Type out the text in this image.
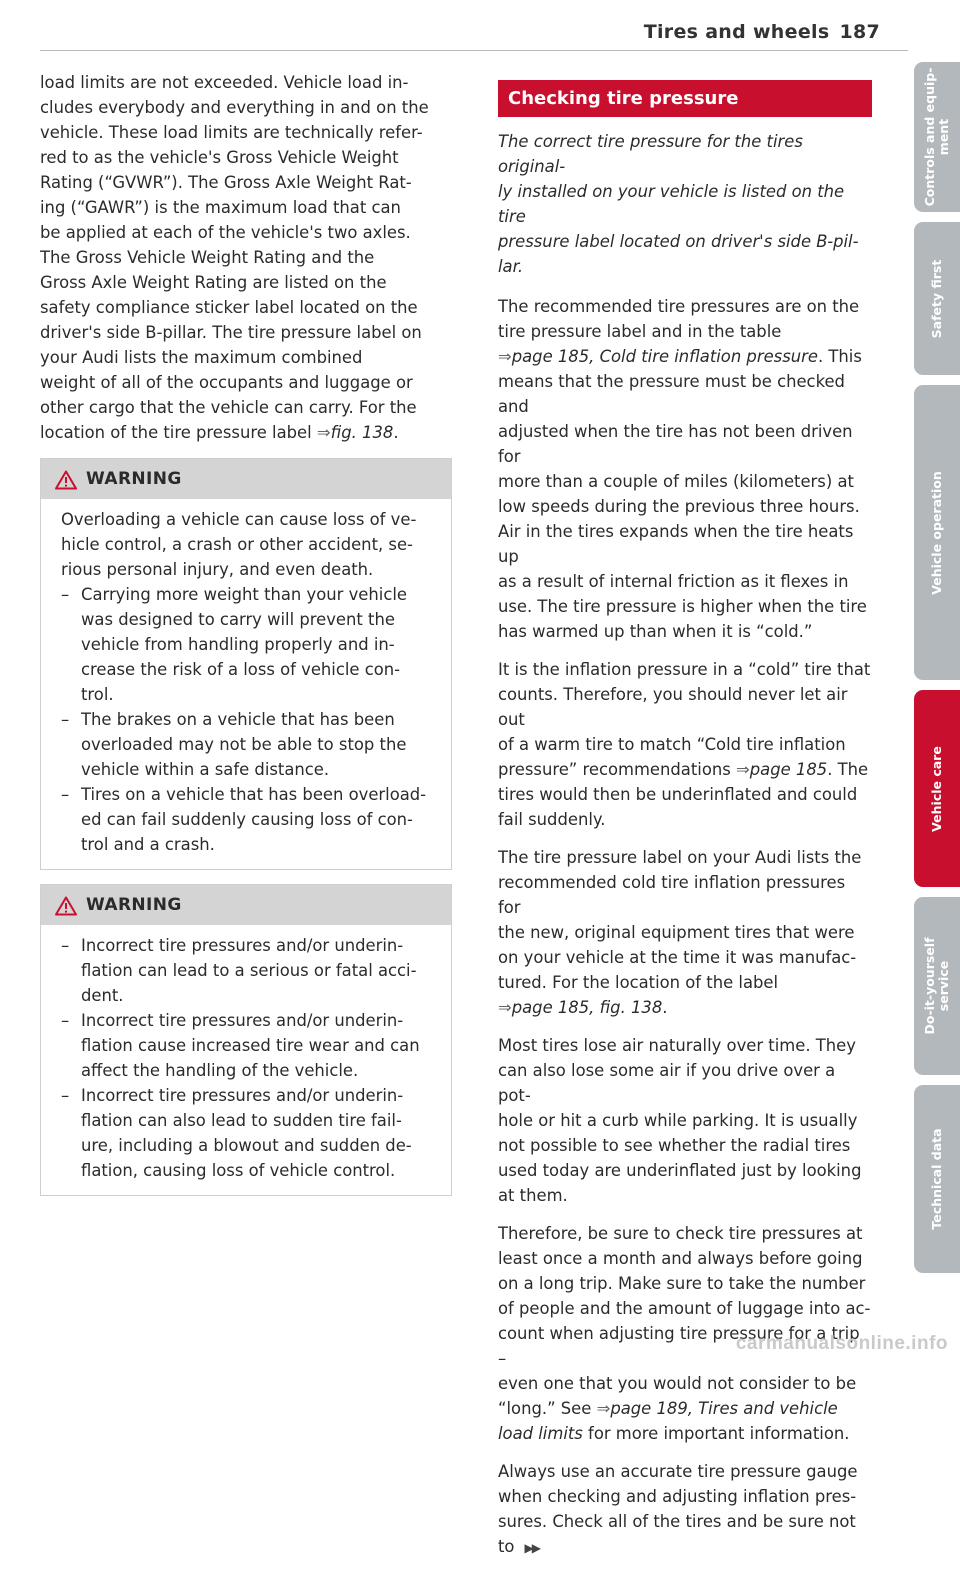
Tires and wheels 187

load limits are not exceeded. Vehicle load in-
cludes everybody and everything in and on the
vehicle. These load limits are technically refer-
red to as the vehicle's Gross Vehicle Weight
Rating (“GVWR”). The Gross Axle Weight Rat-
ing (“GAWR”) is the maximum load that can
be applied at each of the vehicle's two axles.
The Gross Vehicle Weight Rating and the
Gross Axle Weight Rating are listed on the
safety compliance sticker label located on the
driver's side B-pillar. The tire pressure label on
your Audi lists the maximum combined
weight of all of the occupants and luggage or
other cargo that the vehicle can carry. For the
location of the tire pressure label ⇒fig. 138.

WARNING

Overloading a vehicle can cause loss of ve-
hicle control, a crash or other accident, se-
rious personal injury, and even death.

– Carrying more weight than your vehicle
was designed to carry will prevent the
vehicle from handling properly and in-
crease the risk of a loss of vehicle con-
trol.
– The brakes on a vehicle that has been
overloaded may not be able to stop the
vehicle within a safe distance.
– Tires on a vehicle that has been overload-
ed can fail suddenly causing loss of con-
trol and a crash.
WARNING
– Incorrect tire pressures and/or underin-
flation can lead to a serious or fatal acci-
dent.
– Incorrect tire pressures and/or underin-
flation cause increased tire wear and can
affect the handling of the vehicle.
– Incorrect tire pressures and/or underin-
flation can also lead to sudden tire fail-
ure, including a blowout and sudden de-
flation, causing loss of vehicle control.
Checking tire pressure

The correct tire pressure for the tires original-
ly installed on your vehicle is listed on the tire
pressure label located on driver's side B-pil-
lar.

The recommended tire pressures are on the
tire pressure label and in the table
⇒page 185, Cold tire inflation pressure. This
means that the pressure must be checked and
adjusted when the tire has not been driven for
more than a couple of miles (kilometers) at
low speeds during the previous three hours.
Air in the tires expands when the tire heats up
as a result of internal friction as it flexes in
use. The tire pressure is higher when the tire
has warmed up than when it is “cold.”

It is the inflation pressure in a “cold” tire that
counts. Therefore, you should never let air out
of a warm tire to match “Cold tire inflation
pressure” recommendations ⇒page 185. The
tires would then be underinflated and could
fail suddenly.

The tire pressure label on your Audi lists the
recommended cold tire inflation pressures for
the new, original equipment tires that were
on your vehicle at the time it was manufac-
tured. For the location of the label
⇒page 185, fig. 138.

Most tires lose air naturally over time. They
can also lose some air if you drive over a pot-
hole or hit a curb while parking. It is usually
not possible to see whether the radial tires
used today are underinflated just by looking
at them.

Therefore, be sure to check tire pressures at
least once a month and always before going
on a long trip. Make sure to take the number
of people and the amount of luggage into ac-
count when adjusting tire pressure for a trip –
even one that you would not consider to be
“long.” See ⇒page 189, Tires and vehicle load limits for more important information.

Always use an accurate tire pressure gauge
when checking and adjusting inflation pres-
sures. Check all of the tires and be sure not to ▶▶

Controls and equip-
ment
Safety first
Vehicle operation
Vehicle care
Do-it-yourself
service
Technical data
carmanualsonline.info
